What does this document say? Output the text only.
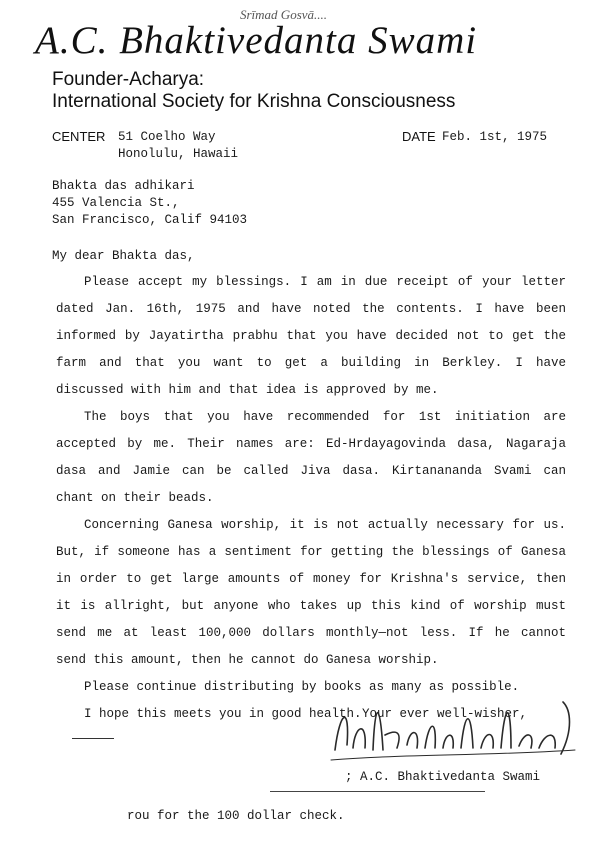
Srīmad Gosvā....
A.C. Bhaktivedanta Swami
Founder-Acharya:
International Society for Krishna Consciousness
CENTER 51 Coelho Way
Honolulu, Hawaii
DATE Feb. 1st, 1975
Bhakta das adhikari
455 Valencia St.,
San Francisco, Calif 94103
My dear Bhakta das,

Please accept my blessings. I am in due receipt of your letter dated Jan. 16th, 1975 and have noted the contents. I have been informed by Jayatirtha prabhu that you have decided not to get the farm and that you want to get a building in Berkley. I have discussed with him and that idea is approved by me.

The boys that you have recommended for 1st initiation are accepted by me. Their names are: Ed-Hrdayagovinda dasa, Nagaraja dasa and Jamie can be called Jiva dasa. Kirtanananda Svami can chant on their beads.

Concerning Ganesa worship, it is not actually necessary for us. But, if someone has a sentiment for getting the blessings of Ganesa in order to get large amounts of money for Krishna's service, then it is allright, but anyone who takes up this kind of worship must send me at least 100,000 dollars monthly—not less. If he cannot send this amount, then he cannot do Ganesa worship.

Please continue distributing by books as many as possible.

I hope this meets you in good health. Your ever well-wisher,
; A.C. Bhaktivedanta Swami
rou for the 100 dollar check.
